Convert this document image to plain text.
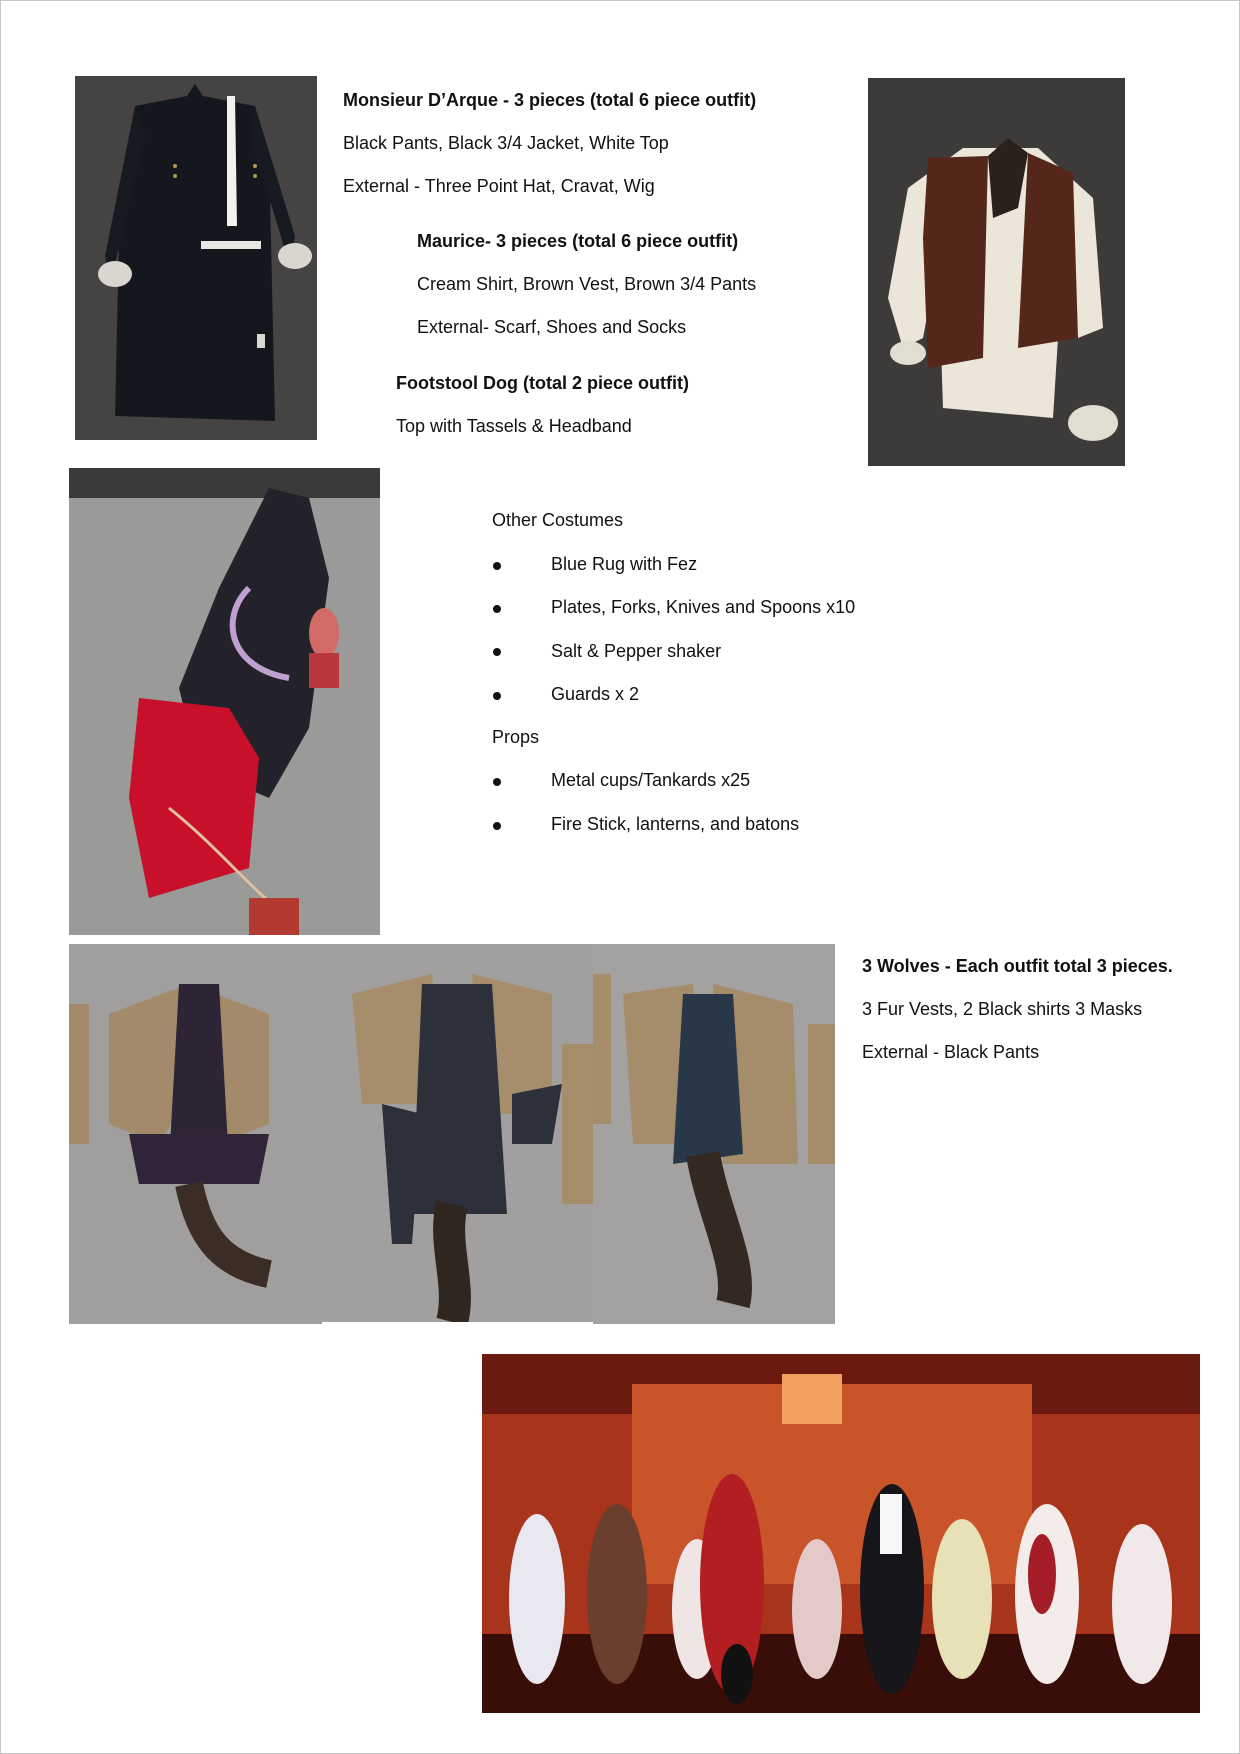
Monsieur D’Arque - 3 pieces (total 6 piece outfit)
Black Pants, Black 3/4 Jacket, White Top
External - Three Point Hat, Cravat, Wig
Maurice- 3 pieces (total 6 piece outfit)
Cream Shirt, Brown Vest, Brown 3/4 Pants
External- Scarf, Shoes and Socks
Footstool Dog (total 2 piece outfit)
Top with Tassels & Headband
Other Costumes
Blue Rug with Fez
Plates, Forks, Knives and Spoons x10
Salt & Pepper shaker
Guards x 2
Props
Metal cups/Tankards x25
Fire Stick, lanterns, and batons
3 Wolves - Each outfit total 3 pieces.
3 Fur Vests, 2 Black shirts 3 Masks
External - Black Pants
